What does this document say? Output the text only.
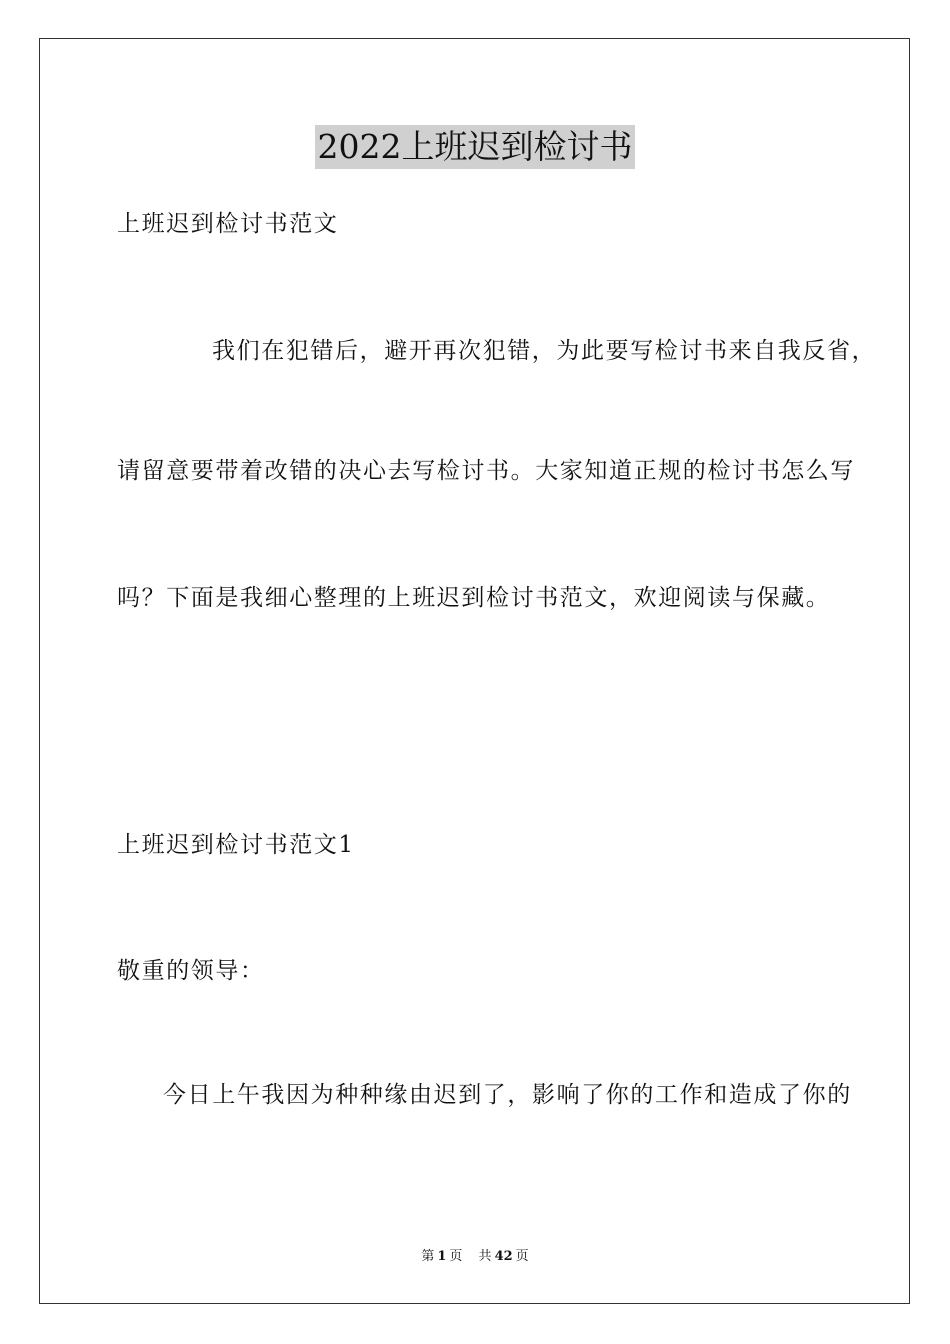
2022上班迟到检讨书
上班迟到检讨书范文
我们在犯错后，避开再次犯错，为此要写检讨书来自我反省，
请留意要带着改错的决心去写检讨书。大家知道正规的检讨书怎么写
吗？下面是我细心整理的上班迟到检讨书范文，欢迎阅读与保藏。
上班迟到检讨书范文1
敬重的领导：
今日上午我因为种种缘由迟到了，影响了你的工作和造成了你的
第 1 页 共 42 页
